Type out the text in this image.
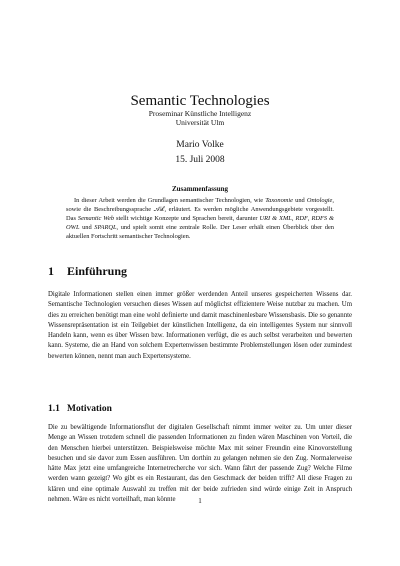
Semantic Technologies
Proseminar Künstliche Intelligenz
Universität Ulm
Mario Volke
15. Juli 2008
Zusammenfassung

In dieser Arbeit werden die Grundlagen semantischer Technologien, wie Taxonomie und Ontologie, sowie die Beschreibungssprache 𝒜ℒ, erläutert. Es werden mögliche Anwendungsgebiete vorgestellt. Das Semantic Web stellt wichtige Konzepte und Sprachen bereit, darunter URI & XML, RDF, RDFS & OWL und SPARQL, und spielt somit eine zentrale Rolle. Der Leser erhält einen Überblick über den aktuellen Fortschritt semantischer Technologien.

1 Einführung

Digitale Informationen stellen einen immer größer werdenden Anteil unseres gespeicherten Wissens dar. Semantische Technologien versuchen dieses Wissen auf möglichst effizientere Weise nutzbar zu machen. Um dies zu erreichen benötigt man eine wohl definierte und damit maschinenlesbare Wissensbasis. Die so genannte Wissensrepräsentation ist ein Teilgebiet der künstlichen Intelligenz, da ein intelligentes System nur sinnvoll Handeln kann, wenn es über Wissen bzw. Informationen verfügt, die es auch selbst verarbeiten und bewerten kann. Systeme, die an Hand von solchem Expertenwissen bestimmte Problemstellungen lösen oder zumindest bewerten können, nennt man auch Expertensysteme.

1.1 Motivation

Die zu bewältigende Informationsflut der digitalen Gesellschaft nimmt immer weiter zu. Um unter dieser Menge an Wissen trotzdem schnell die passenden Informationen zu finden wären Maschinen von Vorteil, die den Menschen hierbei unterstützen. Beispielsweise möchte Max mit seiner Freundin eine Kinovorstellung besuchen und sie davor zum Essen ausführen. Um dorthin zu gelangen nehmen sie den Zug. Normalerweise hätte Max jetzt eine umfangreiche Internetrecherche vor sich. Wann fährt der passende Zug? Welche Filme werden wann gezeigt? Wo gibt es ein Restaurant, das den Geschmack der beiden trifft? All diese Fragen zu klären und eine optimale Auswahl zu treffen mit der beide zufrieden sind würde einige Zeit in Anspruch nehmen. Wäre es nicht vorteilhaft, man könnte	1
